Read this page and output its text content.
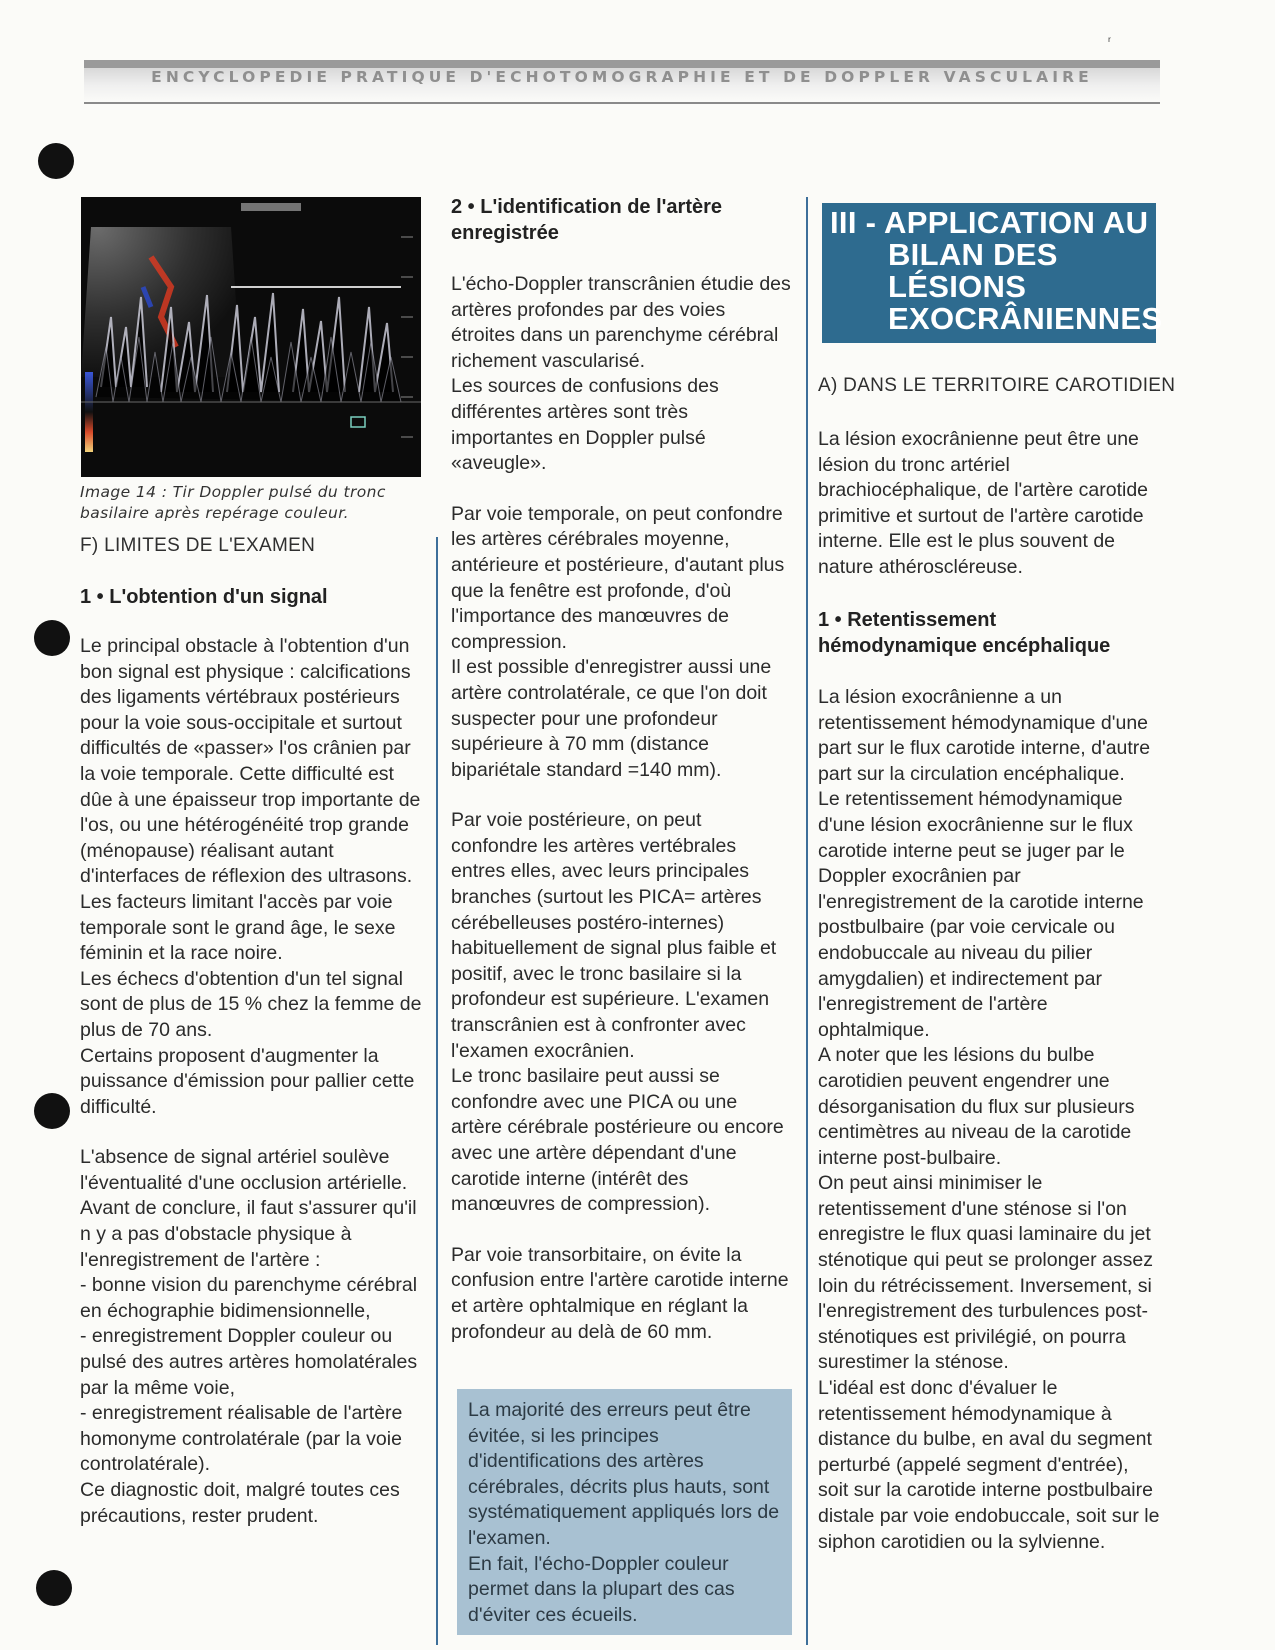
ENCYCLOPEDIE PRATIQUE D'ECHOTOMOGRAPHIE ET DE DOPPLER VASCULAIRE
ʳ
Image 14 : Tir Doppler pulsé du tronc basilaire après repérage couleur.
F) LIMITES DE L'EXAMEN
1 • L'obtention d'un signal

Le principal obstacle à l'obtention d'un bon signal est physique : calcifications des ligaments vértébraux postérieurs pour la voie sous-occipitale et surtout difficultés de «passer» l'os crânien par la voie temporale. Cette difficulté est dûe à une épaisseur trop importante de l'os, ou une hétérogénéité trop grande (ménopause) réalisant autant d'interfaces de réflexion des ultrasons.

Les facteurs limitant l'accès par voie temporale sont le grand âge, le sexe féminin et la race noire.

Les échecs d'obtention d'un tel signal sont de plus de 15 % chez la femme de plus de 70 ans.

Certains proposent d'augmenter la puissance d'émission pour pallier cette difficulté.

L'absence de signal artériel soulève l'éventualité d'une occlusion artérielle.

Avant de conclure, il faut s'assurer qu'il n y a pas d'obstacle physique à l'enregistrement de l'artère :

- bonne vision du parenchyme cérébral en échographie bidimensionnelle,

- enregistrement Doppler couleur ou pulsé des autres artères homolatérales par la même voie,

- enregistrement réalisable de l'artère homonyme controlatérale (par la voie controlatérale).

Ce diagnostic doit, malgré toutes ces précautions, rester prudent.

2 • L'identification de l'artère enregistrée

L'écho-Doppler transcrânien étudie des artères profondes par des voies étroites dans un parenchyme cérébral richement vascularisé.

Les sources de confusions des différentes artères sont très importantes en Doppler pulsé «aveugle».

Par voie temporale, on peut confondre les artères cérébrales moyenne, antérieure et postérieure, d'autant plus que la fenêtre est profonde, d'où l'importance des manœuvres de compression.

Il est possible d'enregistrer aussi une artère controlatérale, ce que l'on doit suspecter pour une profondeur supérieure à 70 mm (distance bipariétale standard =140 mm).

Par voie postérieure, on peut confondre les artères vertébrales entres elles, avec leurs principales branches (surtout les PICA= artères cérébelleuses postéro-internes) habituellement de signal plus faible et positif, avec le tronc basilaire si la profondeur est supérieure. L'examen transcrânien est à confronter avec l'examen exocrânien.

Le tronc basilaire peut aussi se confondre avec une PICA ou une artère cérébrale postérieure ou encore avec une artère dépendant d'une carotide interne (intérêt des manœuvres de compression).

Par voie transorbitaire, on évite la confusion entre l'artère carotide interne et artère ophtalmique en réglant la profondeur au delà de 60 mm.

La majorité des erreurs peut être évitée, si les principes d'identifications des artères cérébrales, décrits plus hauts, sont systématiquement appliqués lors de l'examen.

En fait, l'écho-Doppler couleur permet dans la plupart des cas d'éviter ces écueils.

III - APPLICATION AU
BILAN DES
LÉSIONS
EXOCRÂNIENNES
A) DANS LE TERRITOIRE CAROTIDIEN

La lésion exocrânienne peut être une lésion du tronc artériel brachiocéphalique, de l'artère carotide primitive et surtout de l'artère carotide interne. Elle est le plus souvent de nature athéroscléreuse.

1 • Retentissement hémodynamique encéphalique

La lésion exocrânienne a un retentissement hémodynamique d'une part sur le flux carotide interne, d'autre part sur la circulation encéphalique.

Le retentissement hémodynamique d'une lésion exocrânienne sur le flux carotide interne peut se juger par le Doppler exocrânien par l'enregistrement de la carotide interne postbulbaire (par voie cervicale ou endobuccale au niveau du pilier amygdalien) et indirectement par l'enregistrement de l'artère ophtalmique.

A noter que les lésions du bulbe carotidien peuvent engendrer une désorganisation du flux sur plusieurs centimètres au niveau de la carotide interne post-bulbaire.

On peut ainsi minimiser le retentissement d'une sténose si l'on enregistre le flux quasi laminaire du jet sténotique qui peut se prolonger assez loin du rétrécissement. Inversement, si l'enregistrement des turbulences post-sténotiques est privilégié, on pourra surestimer la sténose.

L'idéal est donc d'évaluer le retentissement hémodynamique à distance du bulbe, en aval du segment perturbé (appelé segment d'entrée), soit sur la carotide interne postbulbaire distale par voie endobuccale, soit sur le siphon carotidien ou la sylvienne.
